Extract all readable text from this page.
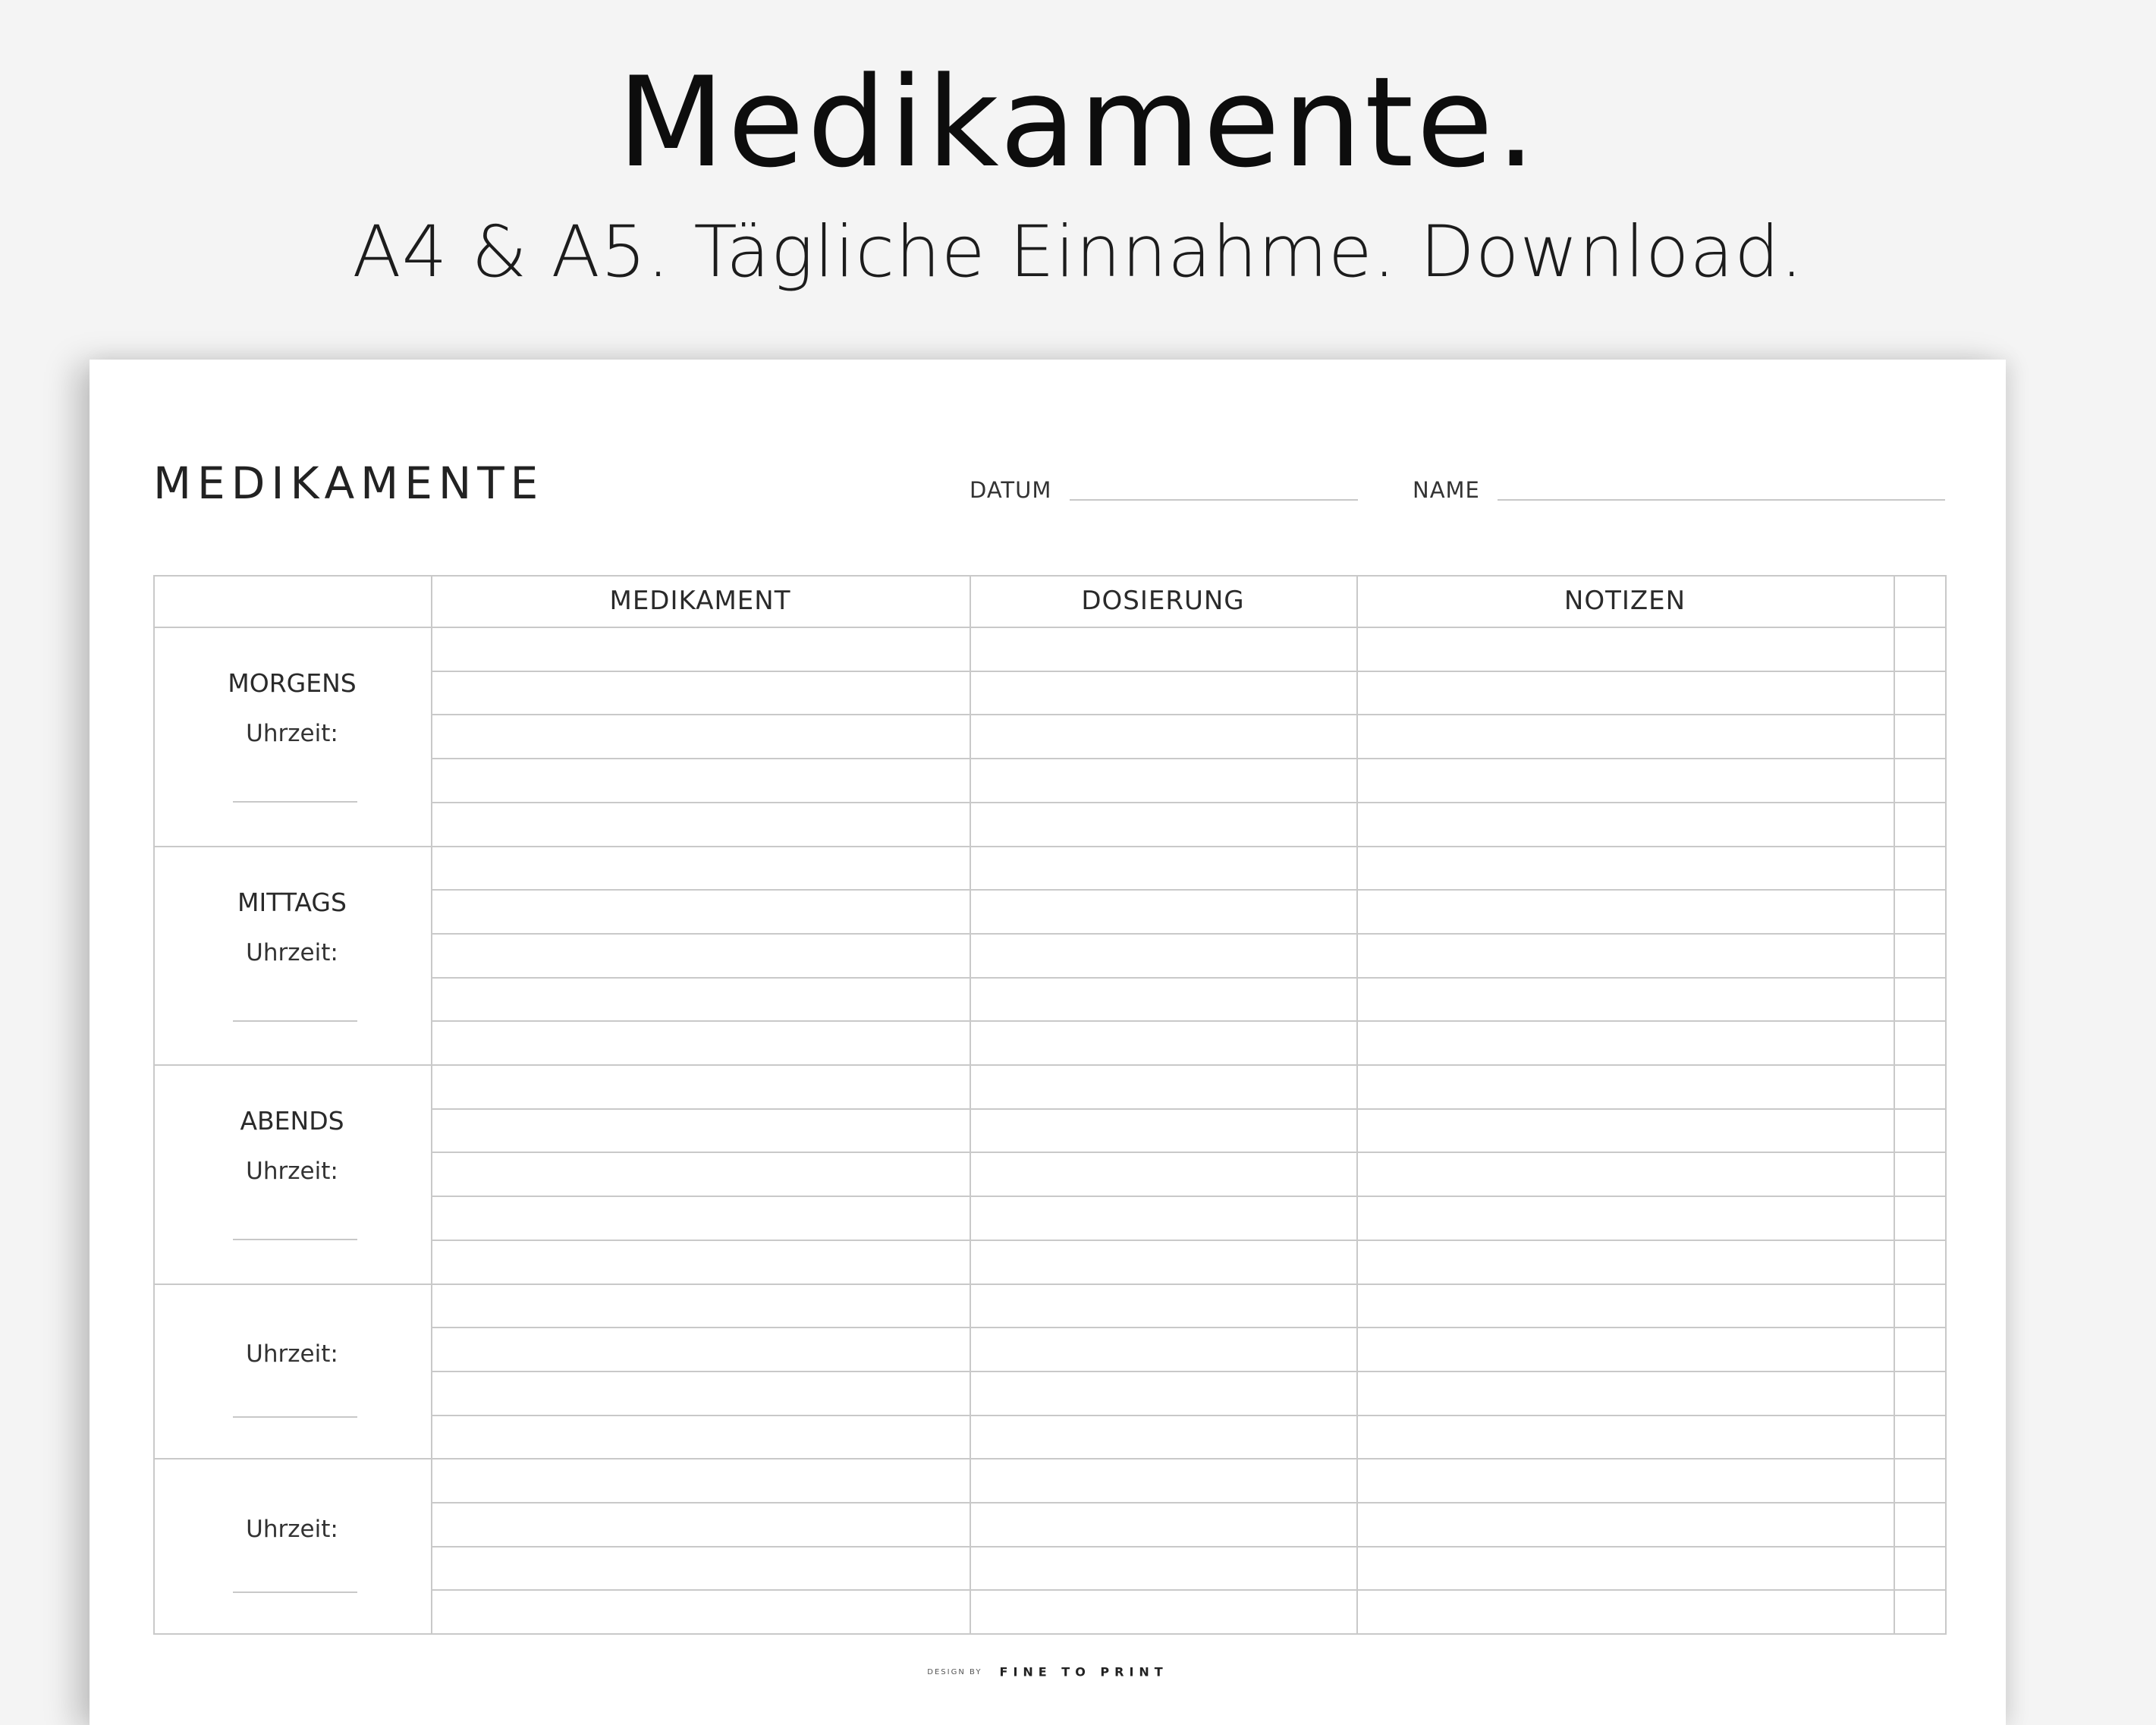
Medikamente.
A4 & A5. Tägliche Einnahme. Download.
MEDIKAMENTE	DATUM	NAME
MEDIKAMENT	DOSIERUNG	NOTIZEN
MORGENS
Uhrzeit:
MITTAGS
Uhrzeit:
ABENDS
Uhrzeit:
Uhrzeit:
Uhrzeit:
DESIGN BY FINE TO PRINT
